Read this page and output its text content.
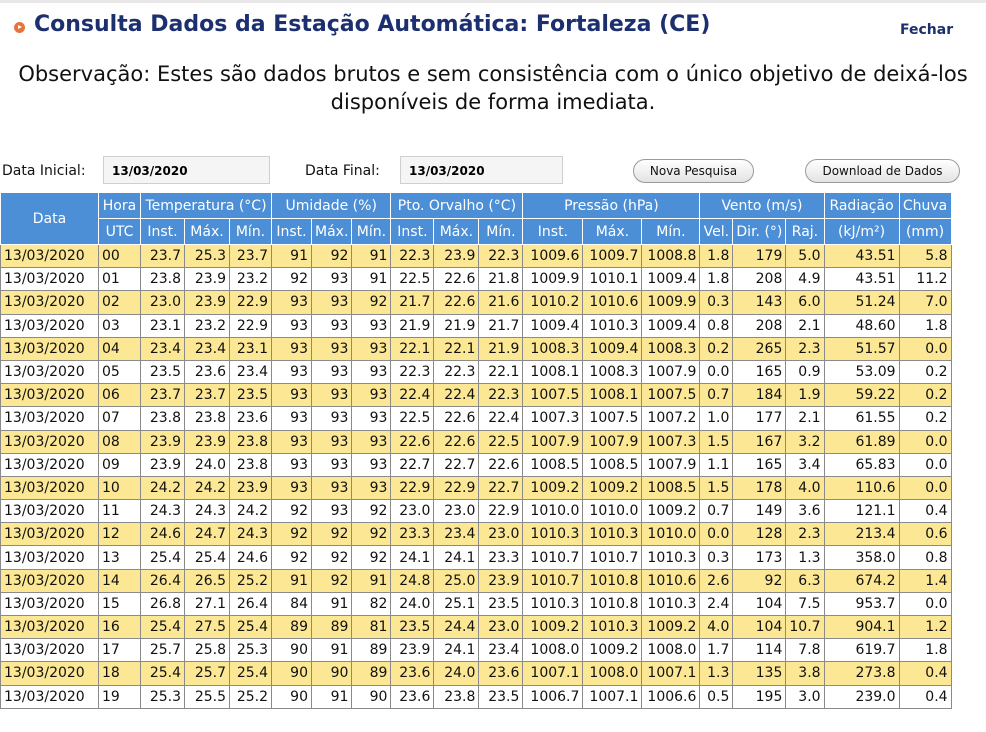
Consulta Dados da Estação Automática: Fortaleza (CE)	Fechar
Observação: Estes são dados brutos e sem consistência com o único objetivo de deixá-los disponíveis de forma imediata.
Data Inicial:	13/03/2020	Data Final:	13/03/2020	Nova Pesquisa	Download de Dados
Data	Hora	Temperatura (°C)			Umidade (%)			Pto. Orvalho (°C)			Pressão (hPa)			Vento (m/s)			Radiação	Chuva
	UTC	Inst.	Máx.	Mín.	Inst.	Máx.	Mín.	Inst.	Máx.	Mín.	Inst.	Máx.	Mín.	Vel.	Dir. (°)	Raj.	(kJ/m²)	(mm)
13/03/2020	00	23.7	25.3	23.7	91	92	91	22.3	23.9	22.3	1009.6	1009.7	1008.8	1.8	179	5.0	43.51	5.8
13/03/2020	01	23.8	23.9	23.2	92	93	91	22.5	22.6	21.8	1009.9	1010.1	1009.4	1.8	208	4.9	43.51	11.2
13/03/2020	02	23.0	23.9	22.9	93	93	92	21.7	22.6	21.6	1010.2	1010.6	1009.9	0.3	143	6.0	51.24	7.0
13/03/2020	03	23.1	23.2	22.9	93	93	93	21.9	21.9	21.7	1009.4	1010.3	1009.4	0.8	208	2.1	48.60	1.8
13/03/2020	04	23.4	23.4	23.1	93	93	93	22.1	22.1	21.9	1008.3	1009.4	1008.3	0.2	265	2.3	51.57	0.0
13/03/2020	05	23.5	23.6	23.4	93	93	93	22.3	22.3	22.1	1008.1	1008.3	1007.9	0.0	165	0.9	53.09	0.2
13/03/2020	06	23.7	23.7	23.5	93	93	93	22.4	22.4	22.3	1007.5	1008.1	1007.5	0.7	184	1.9	59.22	0.2
13/03/2020	07	23.8	23.8	23.6	93	93	93	22.5	22.6	22.4	1007.3	1007.5	1007.2	1.0	177	2.1	61.55	0.2
13/03/2020	08	23.9	23.9	23.8	93	93	93	22.6	22.6	22.5	1007.9	1007.9	1007.3	1.5	167	3.2	61.89	0.0
13/03/2020	09	23.9	24.0	23.8	93	93	93	22.7	22.7	22.6	1008.5	1008.5	1007.9	1.1	165	3.4	65.83	0.0
13/03/2020	10	24.2	24.2	23.9	93	93	93	22.9	22.9	22.7	1009.2	1009.2	1008.5	1.5	178	4.0	110.6	0.0
13/03/2020	11	24.3	24.3	24.2	92	93	92	23.0	23.0	22.9	1010.0	1010.0	1009.2	0.7	149	3.6	121.1	0.4
13/03/2020	12	24.6	24.7	24.3	92	92	92	23.3	23.4	23.0	1010.3	1010.3	1010.0	0.0	128	2.3	213.4	0.6
13/03/2020	13	25.4	25.4	24.6	92	92	92	24.1	24.1	23.3	1010.7	1010.7	1010.3	0.3	173	1.3	358.0	0.8
13/03/2020	14	26.4	26.5	25.2	91	92	91	24.8	25.0	23.9	1010.7	1010.8	1010.6	2.6	92	6.3	674.2	1.4
13/03/2020	15	26.8	27.1	26.4	84	91	82	24.0	25.1	23.5	1010.3	1010.8	1010.3	2.4	104	7.5	953.7	0.0
13/03/2020	16	25.4	27.5	25.4	89	89	81	23.5	24.4	23.0	1009.2	1010.3	1009.2	4.0	104	10.7	904.1	1.2
13/03/2020	17	25.7	25.8	25.3	90	91	89	23.9	24.1	23.4	1008.0	1009.2	1008.0	1.7	114	7.8	619.7	1.8
13/03/2020	18	25.4	25.7	25.4	90	90	89	23.6	24.0	23.6	1007.1	1008.0	1007.1	1.3	135	3.8	273.8	0.4
13/03/2020	19	25.3	25.5	25.2	90	91	90	23.6	23.8	23.5	1006.7	1007.1	1006.6	0.5	195	3.0	239.0	0.4
